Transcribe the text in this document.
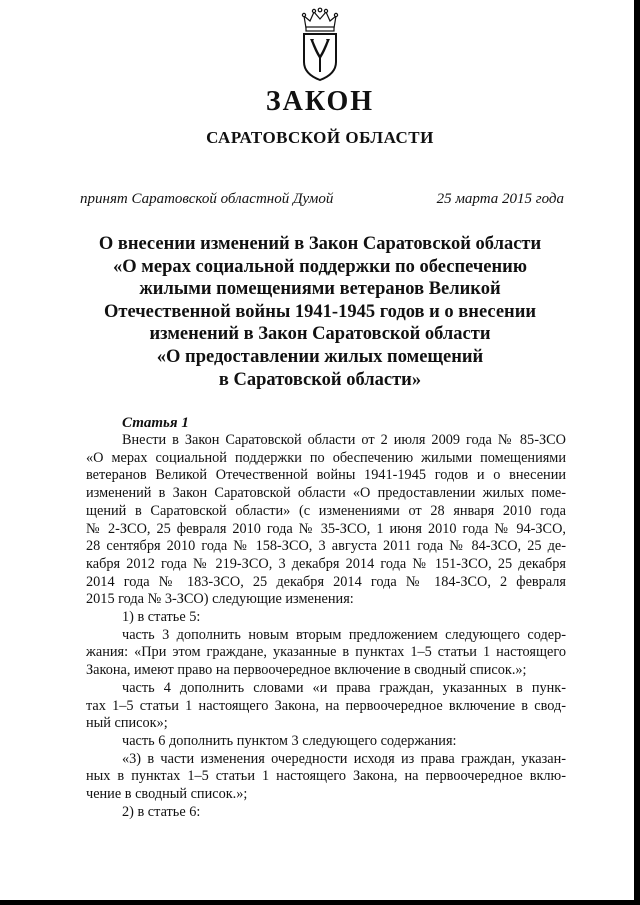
ЗАКОН
САРАТОВСКОЙ ОБЛАСТИ
принят Саратовской областной Думой	25 марта 2015 года
О внесении изменений в Закон Саратовской области
«О мерах социальной поддержки по обеспечению
жилыми помещениями ветеранов Великой
Отечественной войны 1941-1945 годов и о внесении
изменений в Закон Саратовской области
«О предоставлении жилых помещений
в Саратовской области»
Статья 1
Внести в Закон Саратовской области от 2 июля 2009 года № 85-ЗСО
«О мерах социальной поддержки по обеспечению жилыми помещениями
ветеранов Великой Отечественной войны 1941-1945 годов и о внесении
изменений в Закон Саратовской области «О предоставлении жилых поме-
щений в Саратовской области» (с изменениями от 28 января 2010 года
№ 2-ЗСО, 25 февраля 2010 года № 35-ЗСО, 1 июня 2010 года № 94-ЗСО,
28 сентября 2010 года № 158-ЗСО, 3 августа 2011 года № 84-ЗСО, 25 де-
кабря 2012 года № 219-ЗСО, 3 декабря 2014 года № 151-ЗСО, 25 декабря
2014 года № 183-ЗСО, 25 декабря 2014 года № 184-ЗСО, 2 февраля
2015 года № 3-ЗСО) следующие изменения:
1) в статье 5:
часть 3 дополнить новым вторым предложением следующего содер-
жания: «При этом граждане, указанные в пунктах 1–5 статьи 1 настоящего
Закона, имеют право на первоочередное включение в сводный список.»;
часть 4 дополнить словами «и права граждан, указанных в пунк-
тах 1–5 статьи 1 настоящего Закона, на первоочередное включение в свод-
ный список»;
часть 6 дополнить пунктом 3 следующего содержания:
«3) в части изменения очередности исходя из права граждан, указан-
ных в пунктах 1–5 статьи 1 настоящего Закона, на первоочередное вклю-
чение в сводный список.»;
2) в статье 6:
